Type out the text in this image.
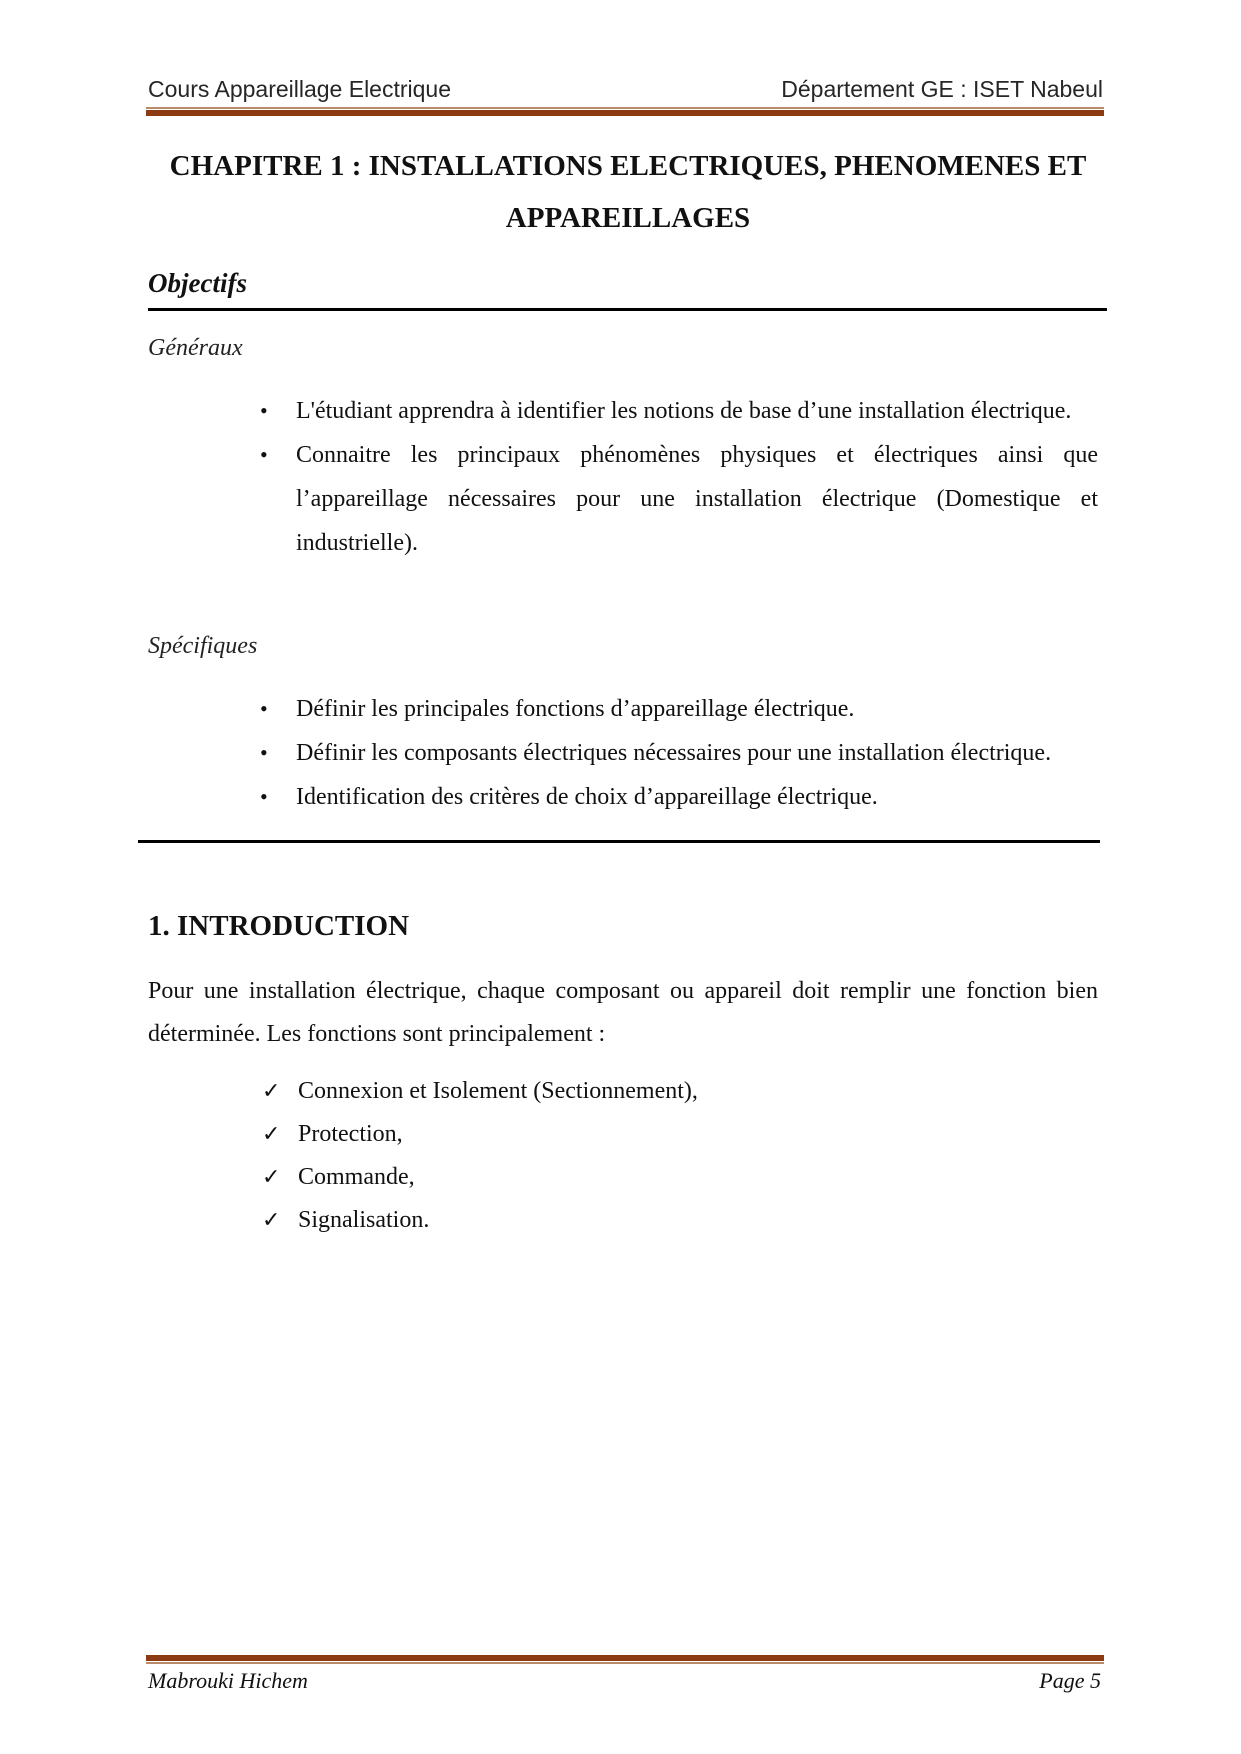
Cours Appareillage Electrique	Département GE : ISET Nabeul
CHAPITRE 1 : INSTALLATIONS ELECTRIQUES, PHENOMENES ET APPAREILLAGES
Objectifs
Généraux
• L'étudiant apprendra à identifier les notions de base d’une installation électrique.
• Connaitre les principaux phénomènes physiques et électriques ainsi que l’appareillage nécessaires pour une installation électrique (Domestique et industrielle).
Spécifiques
• Définir les principales fonctions d’appareillage électrique.
• Définir les composants électriques nécessaires pour une installation électrique.
• Identification des critères de choix d’appareillage électrique.
1. INTRODUCTION
Pour une installation électrique, chaque composant ou appareil doit remplir une fonction bien déterminée. Les fonctions sont principalement :
✓ Connexion et Isolement (Sectionnement),
✓ Protection,
✓ Commande,
✓ Signalisation.
Mabrouki Hichem	Page 5
